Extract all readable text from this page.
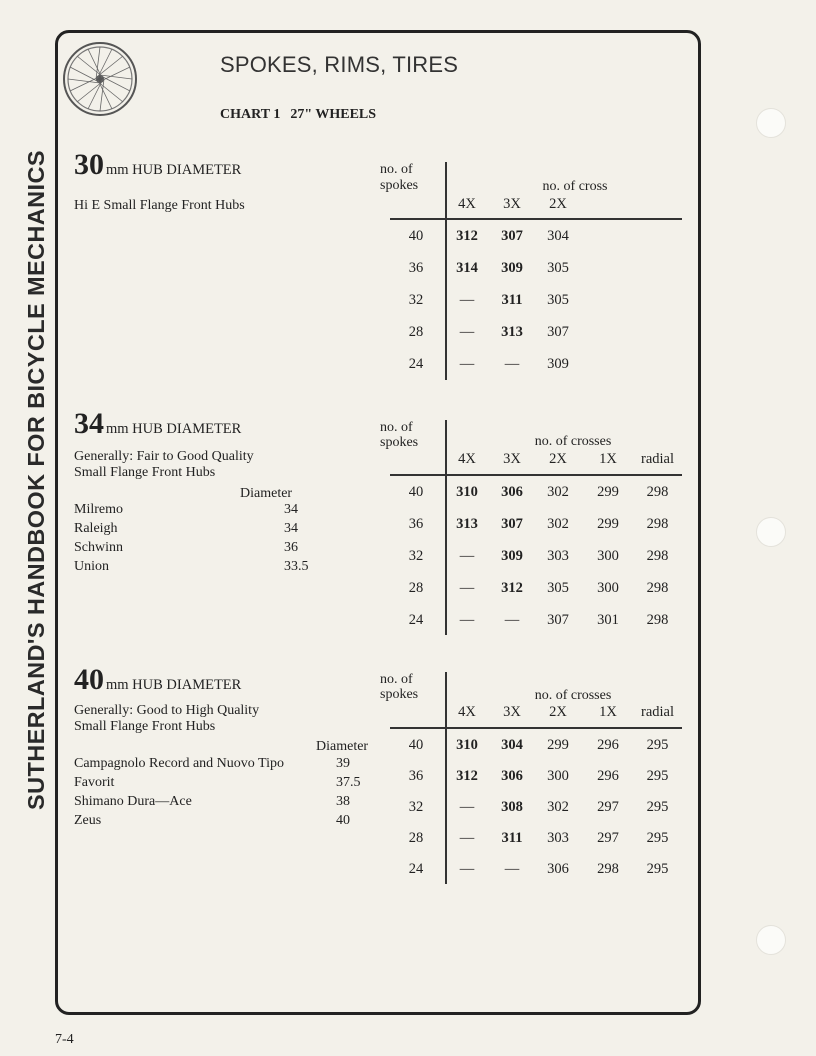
SUTHERLAND'S HANDBOOK FOR BICYCLE MECHANICS
SPOKES, RIMS, TIRES
CHART 1 27" WHEELS
30 mm HUB DIAMETER
Hi E Small Flange Front Hubs
no. of
spokes	no. of cross
4X	3X	2X
40	312	307	304
36	314	309	305
32	—	311	305
28	—	313	307
24	—	—	309
34 mm HUB DIAMETER
Generally: Fair to Good Quality
Small Flange Front Hubs
Diameter
Milremo	34
Raleigh	34
Schwinn	36
Union	33.5
no. of
spokes	no. of crosses
4X	3X	2X	1X	radial
40	310	306	302	299	298
36	313	307	302	299	298
32	—	309	303	300	298
28	—	312	305	300	298
24	—	—	307	301	298
40 mm HUB DIAMETER
Generally: Good to High Quality
Small Flange Front Hubs
Diameter
Campagnolo Record and Nuovo Tipo	39
Favorit	37.5
Shimano Dura—Ace	38
Zeus	40
no. of
spokes	no. of crosses
4X	3X	2X	1X	radial
40	310	304	299	296	295
36	312	306	300	296	295
32	—	308	302	297	295
28	—	311	303	297	295
24	—	—	306	298	295
7-4
